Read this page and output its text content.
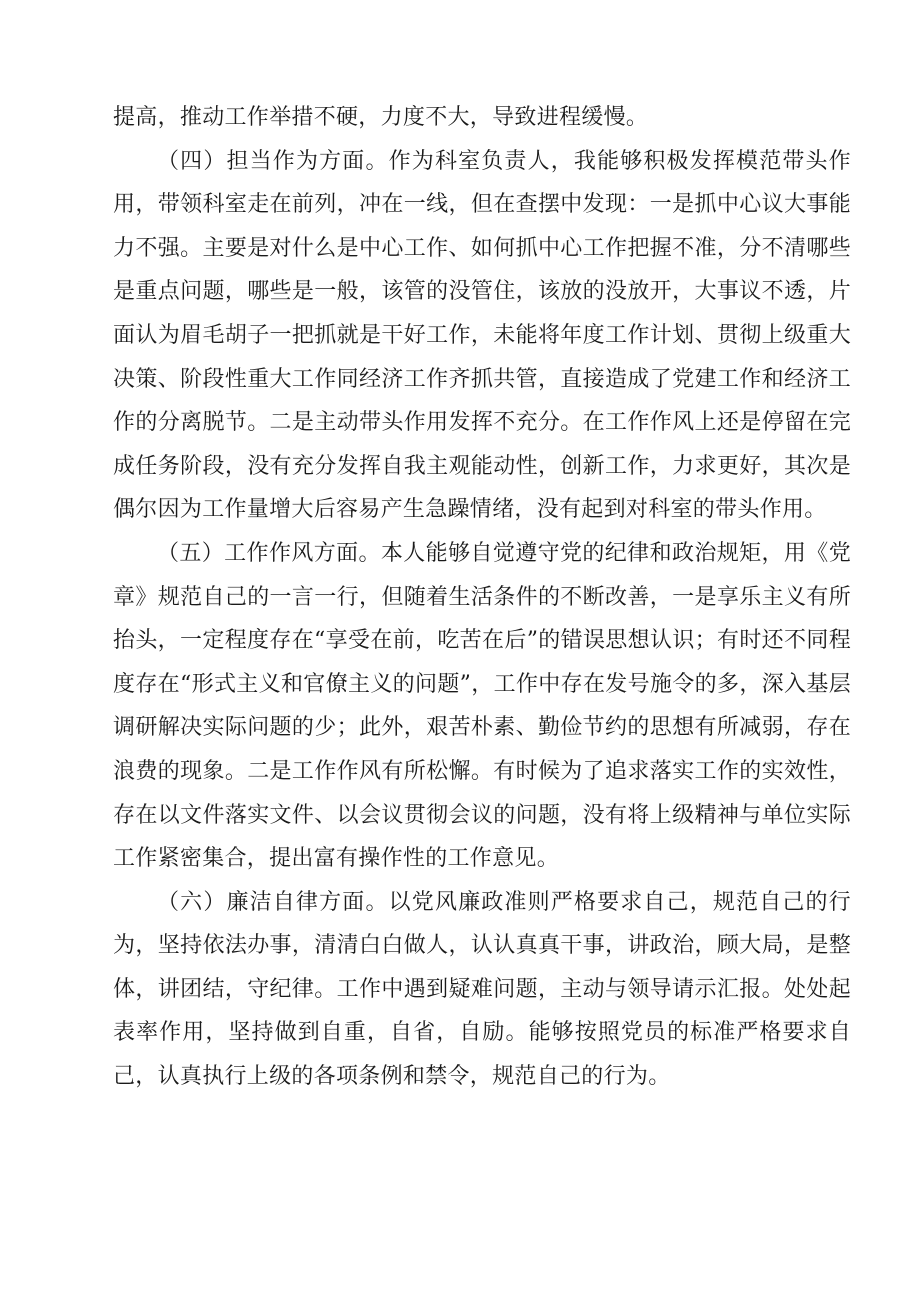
提高，推动工作举措不硬，力度不大，导致进程缓慢。

（四）担当作为方面。作为科室负责人，我能够积极发挥模范带头作用，带领科室走在前列，冲在一线，但在查摆中发现：一是抓中心议大事能力不强。主要是对什么是中心工作、如何抓中心工作把握不准，分不清哪些是重点问题，哪些是一般，该管的没管住，该放的没放开，大事议不透，片面认为眉毛胡子一把抓就是干好工作，未能将年度工作计划、贯彻上级重大决策、阶段性重大工作同经济工作齐抓共管，直接造成了党建工作和经济工作的分离脱节。二是主动带头作用发挥不充分。在工作作风上还是停留在完成任务阶段，没有充分发挥自我主观能动性，创新工作，力求更好，其次是偶尔因为工作量增大后容易产生急躁情绪，没有起到对科室的带头作用。

（五）工作作风方面。本人能够自觉遵守党的纪律和政治规矩，用《党章》规范自己的一言一行，但随着生活条件的不断改善，一是享乐主义有所抬头，一定程度存在“享受在前，吃苦在后”的错误思想认识；有时还不同程度存在“形式主义和官僚主义的问题”，工作中存在发号施令的多，深入基层调研解决实际问题的少；此外，艰苦朴素、勤俭节约的思想有所减弱，存在浪费的现象。二是工作作风有所松懈。有时候为了追求落实工作的实效性，存在以文件落实文件、以会议贯彻会议的问题，没有将上级精神与单位实际工作紧密集合，提出富有操作性的工作意见。

（六）廉洁自律方面。以党风廉政准则严格要求自己，规范自己的行为，坚持依法办事，清清白白做人，认认真真干事，讲政治，顾大局，是整体，讲团结，守纪律。工作中遇到疑难问题，主动与领导请示汇报。处处起表率作用，坚持做到自重，自省，自励。能够按照党员的标准严格要求自己，认真执行上级的各项条例和禁令，规范自己的行为。
